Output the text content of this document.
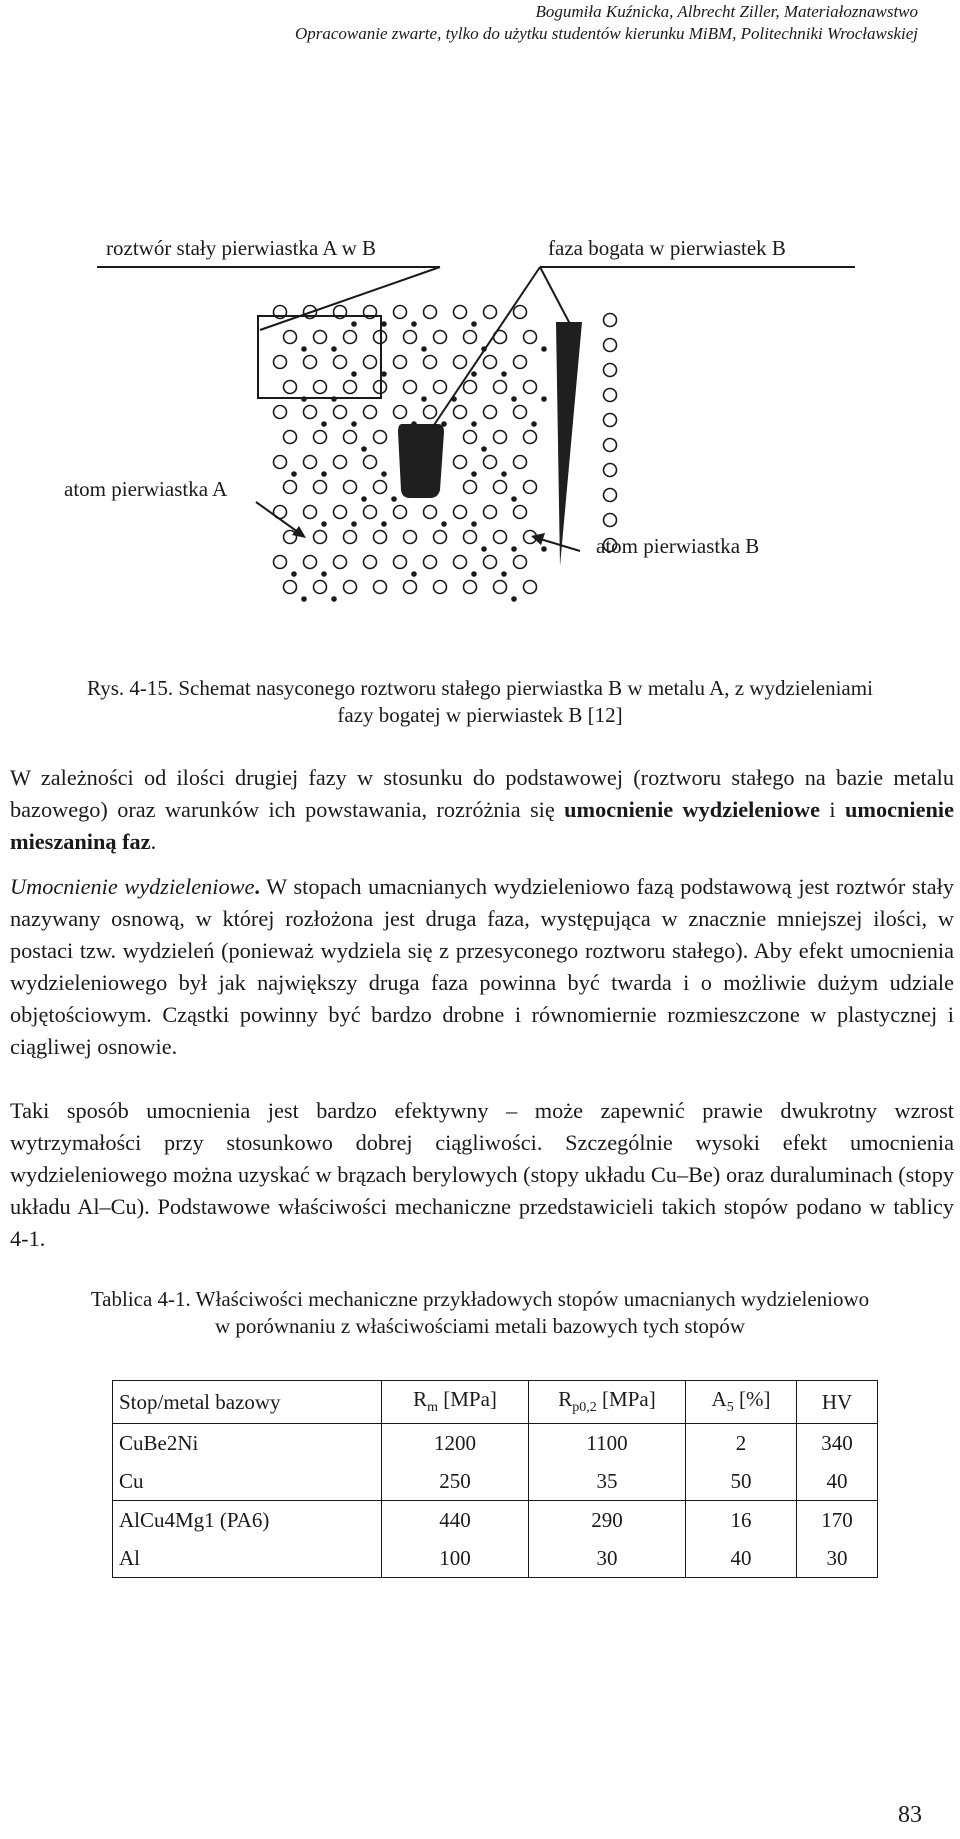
Bogumiła Kuźnicka, Albrecht Ziller, Materiałoznawstwo
Opracowanie zwarte, tylko do użytku studentów kierunku MiBM, Politechniki Wrocławskiej
roztwór stały pierwiastka A w B	faza bogata w pierwiastek B
atom pierwiastka A
atom pierwiastka B
Rys. 4-15. Schemat nasyconego roztworu stałego pierwiastka B w metalu A, z wydzieleniami
fazy bogatej w pierwiastek B [12]
W zależności od ilości drugiej fazy w stosunku do podstawowej (roztworu stałego na bazie metalu bazowego) oraz warunków ich powstawania, rozróżnia się umocnienie wydzieleniowe i umocnienie mieszaniną faz.
Umocnienie wydzieleniowe. W stopach umacnianych wydzieleniowo fazą podstawową jest roztwór stały nazywany osnową, w której rozłożona jest druga faza, występująca w znacznie mniejszej ilości, w postaci tzw. wydzieleń (ponieważ wydziela się z przesyconego roztworu stałego). Aby efekt umocnienia wydzieleniowego był jak największy druga faza powinna być twarda i o możliwie dużym udziale objętościowym. Cząstki powinny być bardzo drobne i równomiernie rozmieszczone w plastycznej i ciągliwej osnowie.
Taki sposób umocnienia jest bardzo efektywny – może zapewnić prawie dwukrotny wzrost wytrzymałości przy stosunkowo dobrej ciągliwości. Szczególnie wysoki efekt umocnienia wydzieleniowego można uzyskać w brązach berylowych (stopy układu Cu–Be) oraz duraluminach (stopy układu Al–Cu). Podstawowe właściwości mechaniczne przedstawicieli takich stopów podano w tablicy 4-1.
Tablica 4-1. Właściwości mechaniczne przykładowych stopów umacnianych wydzieleniowo
w porównaniu z właściwościami metali bazowych tych stopów
Stop/metal bazowy	$R_m$ [MPa]	$R_{p0,2}$ [MPa]	$A_5$ [%]	HV
CuBe2Ni	1200	1100	2	340
Cu	250	35	50	40
AlCu4Mg1 (PA6)	440	290	16	170
Al	100	30	40	30
83
